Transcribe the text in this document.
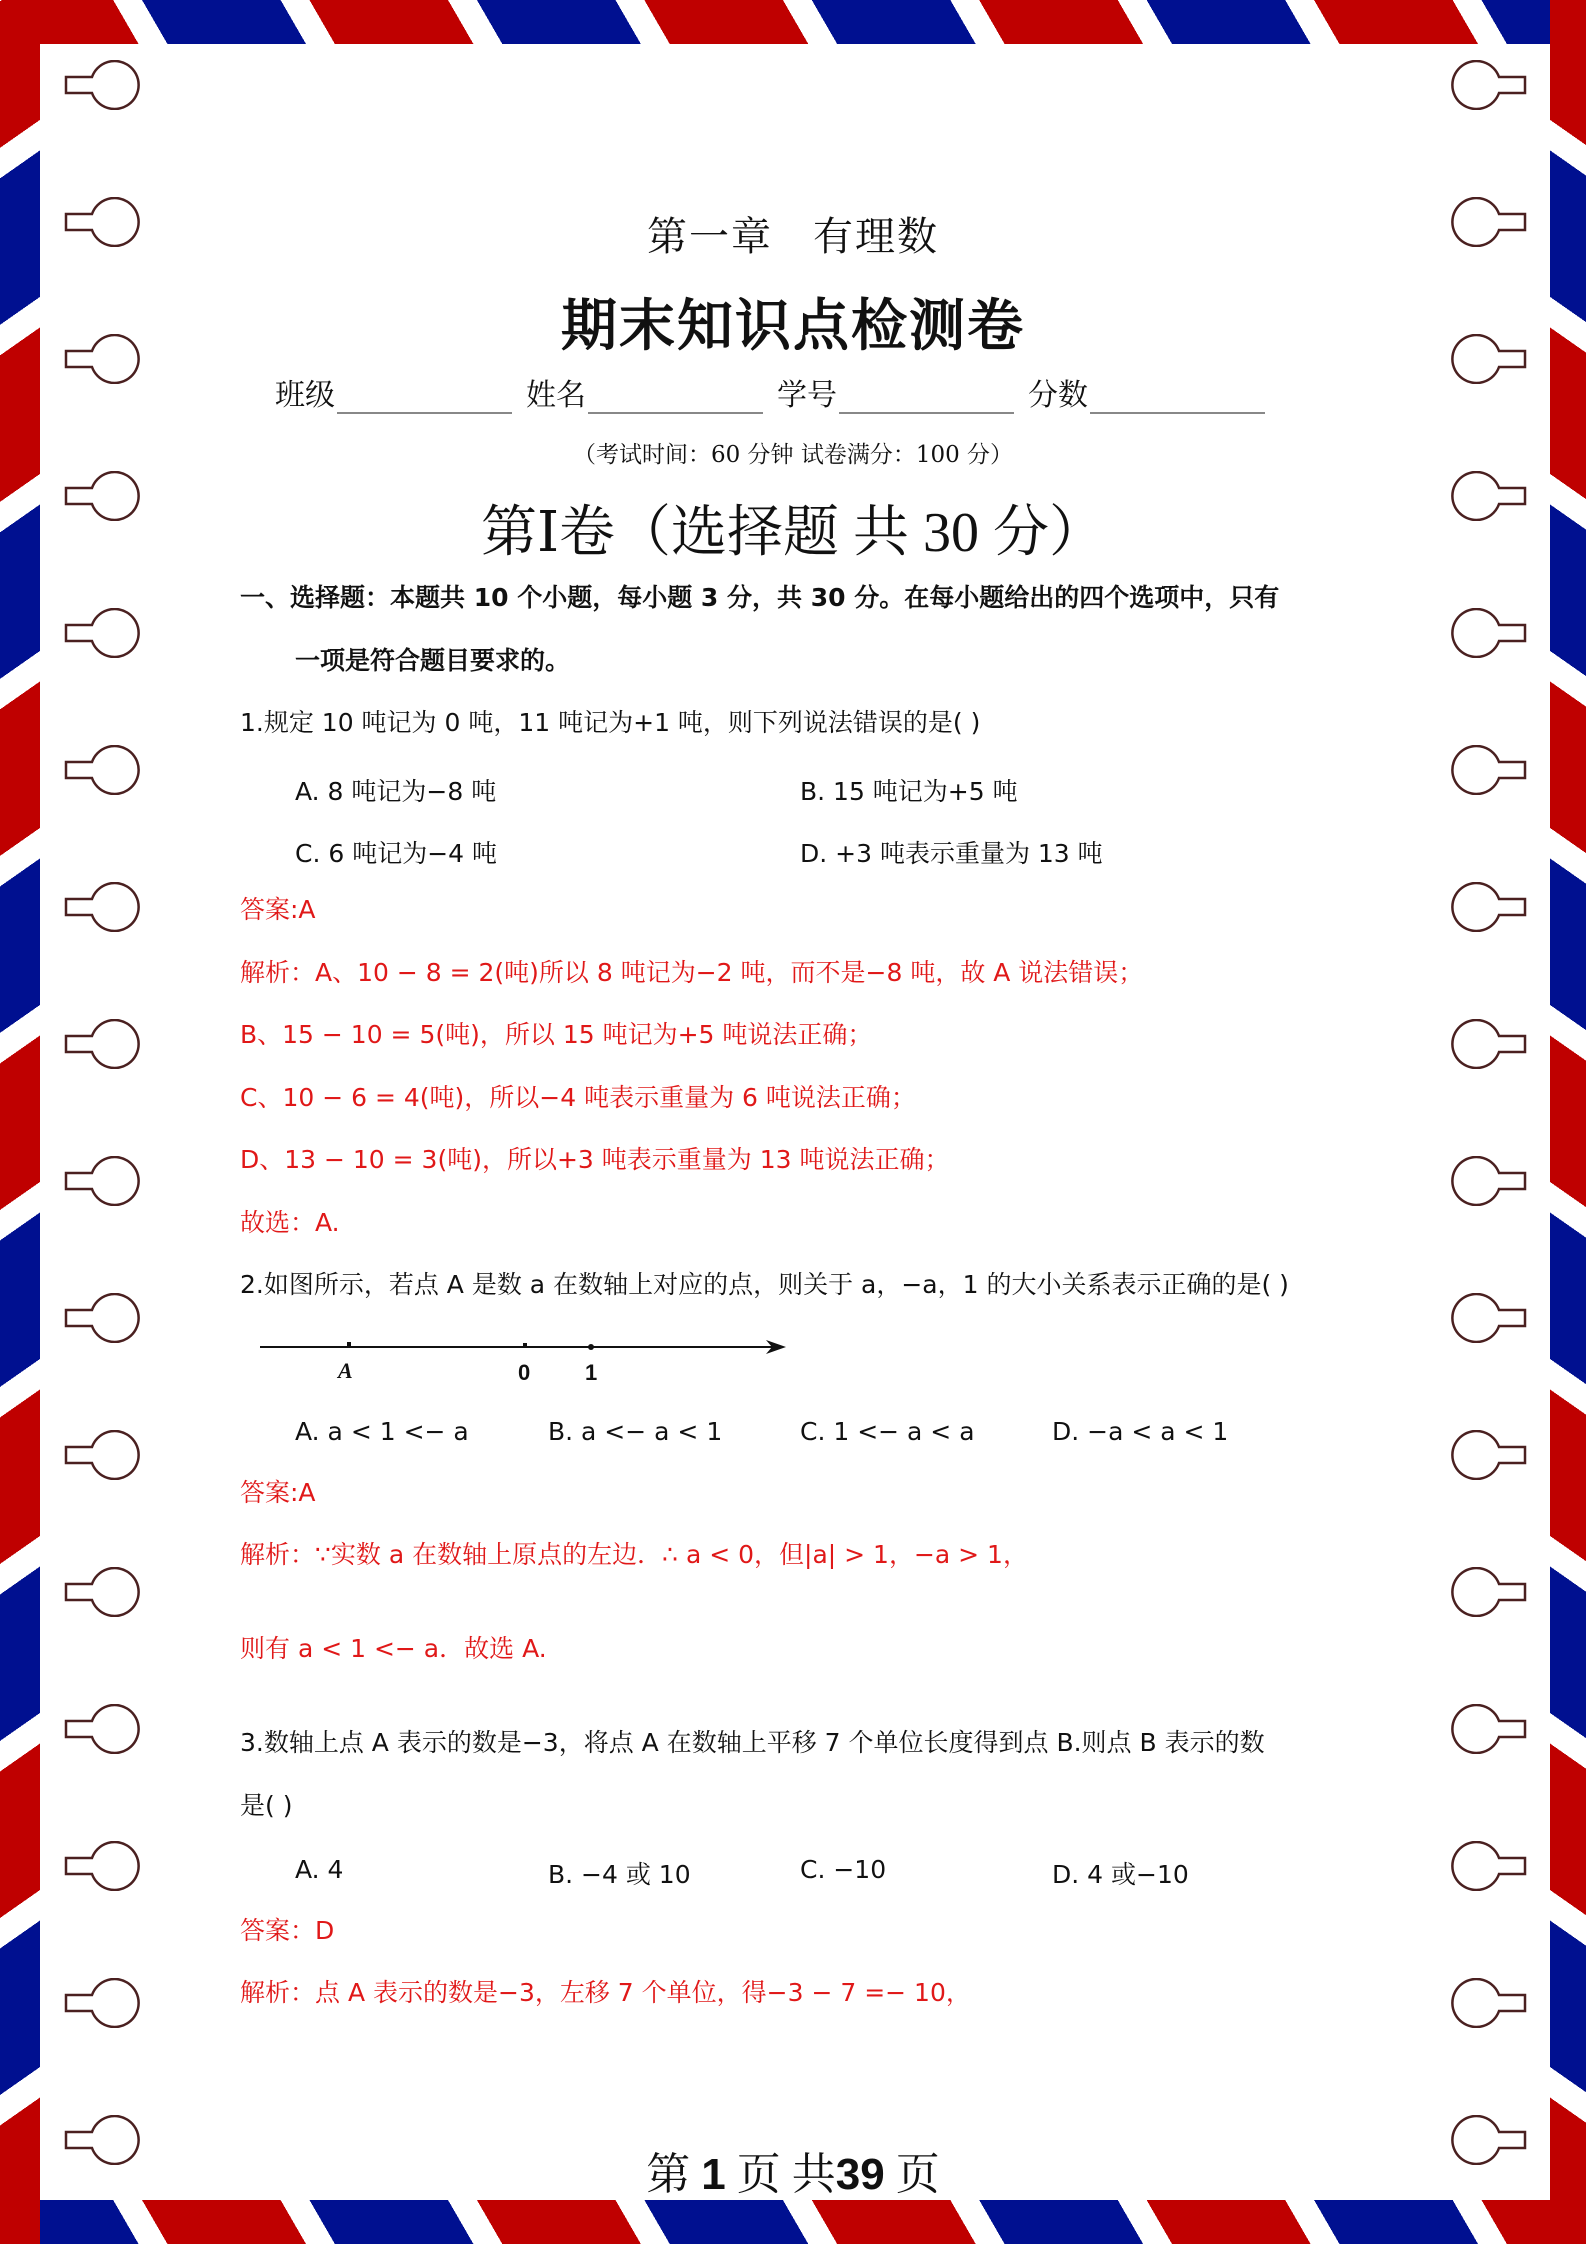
第一章 有理数
期末知识点检测卷
班级	姓名	学号	分数
（考试时间：60 分钟 试卷满分：100 分）
第Ⅰ卷（选择题 共 30 分）
一、选择题：本题共 10 个小题，每小题 3 分，共 30 分。在每小题给出的四个选项中，只有
一项是符合题目要求的。
1.规定 10 吨记为 0 吨，11 吨记为+1 吨，则下列说法错误的是( )
A. 8 吨记为−8 吨	B. 15 吨记为+5 吨
C. 6 吨记为−4 吨	D. +3 吨表示重量为 13 吨
答案:A
解析：A、10 − 8 = 2(吨)所以 8 吨记为−2 吨，而不是−8 吨，故 A 说法错误；
B、15 − 10 = 5(吨)，所以 15 吨记为+5 吨说法正确；
C、10 − 6 = 4(吨)，所以−4 吨表示重量为 6 吨说法正确；
D、13 − 10 = 3(吨)，所以+3 吨表示重量为 13 吨说法正确；
故选：A.
2.如图所示，若点 A 是数 a 在数轴上对应的点，则关于 a，−a，1 的大小关系表示正确的是( )
A	0 1
A. a < 1 <− a	B. a <− a < 1	C. 1 <− a < a	D. −a < a < 1
答案:A
解析：∵实数 a 在数轴上原点的左边．∴ a < 0，但|a| > 1，−a > 1，
则有 a < 1 <− a．故选 A.
3.数轴上点 A 表示的数是−3，将点 A 在数轴上平移 7 个单位长度得到点 B.则点 B 表示的数
是( )
A. 4	B. −4 或 10	C. −10	D. 4 或−10
答案：D
解析：点 A 表示的数是−3，左移 7 个单位，得−3 − 7 =− 10，
第 1 页 共39 页
